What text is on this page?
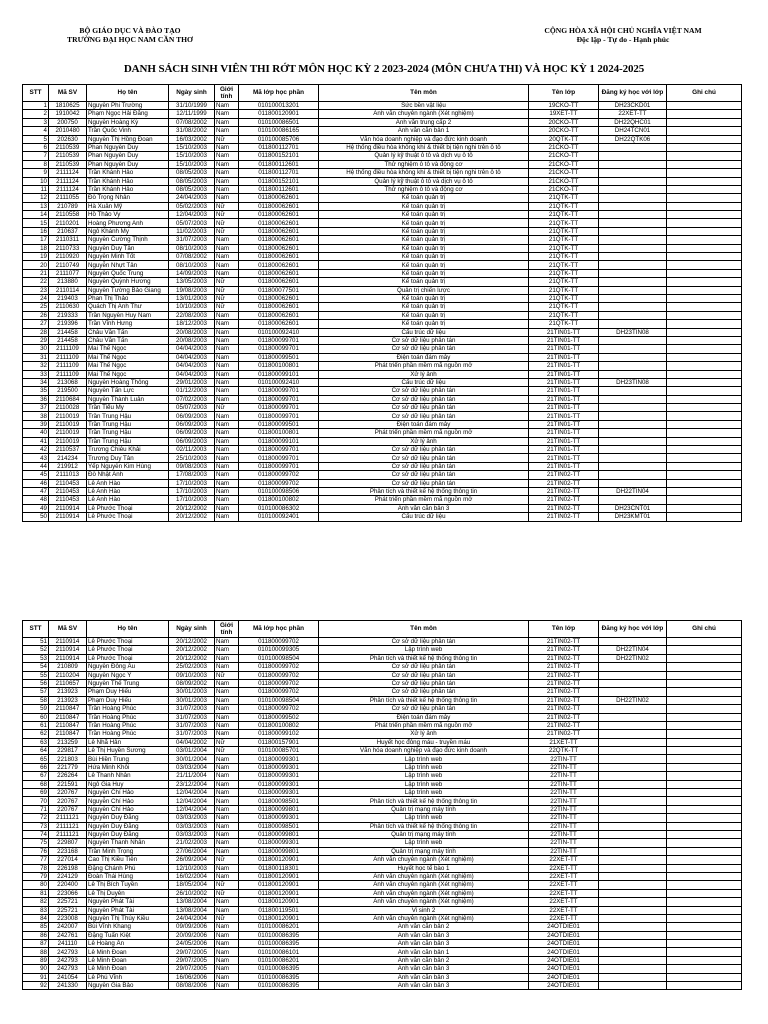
BỘ GIÁO DỤC VÀ ĐÀO TẠO
TRƯỜNG ĐẠI HỌC NAM CẦN THƠ
CỘNG HÒA XÃ HỘI CHỦ NGHĨA VIỆT NAM
Độc lập - Tự do - Hạnh phúc
DANH SÁCH SINH VIÊN THI RỚT MÔN HỌC KỲ 2 2023-2024 (MÔN CHƯA THI) VÀ HỌC KỲ 1 2024-2025
STT	Mã SV	Họ tên	Ngày sinh	Giới tính	Mã lớp học phần	Tên môn	Tên lớp	Đăng ký học với lớp	Ghi chú
1	1810625	Nguyễn Phi Trường	31/10/1999	Nam	010100013201	Sức bền vật liệu	19CKO-TT	DH23CKD01	
2	1910042	Phạm Ngọc Hải Đăng	12/11/1999	Nam	011800120901	Anh văn chuyên ngành (Xét nghiệm)	19XET-TT	22XET-TT	
3	200750	Nguyễn Hoàng Kỳ	07/08/2002	Nam	010100086501	Anh văn trung cấp 2	20CKO-TT	DH22QHC01	
4	2010480	Trần Quốc Vinh	31/08/2002	Nam	010100086165	Anh văn căn bản 1	20CKO-TT	DH24TCN01	
5	202630	Nguyễn Thị Hồng Đoan	16/03/2002	Nữ	010100085706	Văn hóa doanh nghiệp và đạo đức kinh doanh	20QTK-TT	DH22QTK06	
6	2110539	Phan Nguyễn Duy	15/10/2003	Nam	011800112701	Hệ thống điều hòa không khí & thiết bị tiện nghi trên ô tô	21CKO-TT		
7	2110539	Phan Nguyễn Duy	15/10/2003	Nam	011800152101	Quản lý kỹ thuật ô tô và dịch vụ ô tô	21CKO-TT		
8	2110539	Phan Nguyễn Duy	15/10/2003	Nam	011800112601	Thử nghiệm ô tô và động cơ	21CKO-TT		
9	2111124	Trần Khánh Hảo	08/05/2003	Nam	011800112701	Hệ thống điều hòa không khí & thiết bị tiện nghi trên ô tô	21CKO-TT		
10	2111124	Trần Khánh Hảo	08/05/2003	Nam	011800152101	Quản lý kỹ thuật ô tô và dịch vụ ô tô	21CKO-TT		
11	2111124	Trần Khánh Hảo	08/05/2003	Nam	011800112601	Thử nghiệm ô tô và động cơ	21CKO-TT		
12	2111055	Đỗ Trọng Nhân	24/04/2003	Nam	011800062601	Kế toán quản trị	21QTK-TT		
13	210789	Hà Xuân Mỹ	05/02/2003	Nữ	011800062601	Kế toán quản trị	21QTK-TT		
14	2110558	Hồ Thảo Vy	12/04/2003	Nữ	011800062601	Kế toán quản trị	21QTK-TT		
15	2110201	Hoàng Phương Anh	05/07/2003	Nữ	011800062601	Kế toán quản trị	21QTK-TT		
16	210637	Ngô Khánh My	11/02/2003	Nữ	011800062601	Kế toán quản trị	21QTK-TT		
17	2110311	Nguyễn Cường Thịnh	31/07/2003	Nam	011800062601	Kế toán quản trị	21QTK-TT		
18	2110733	Nguyễn Duy Tân	08/10/2003	Nam	011800062601	Kế toán quản trị	21QTK-TT		
19	2110920	Nguyễn Minh Tốt	07/08/2002	Nam	011800062601	Kế toán quản trị	21QTK-TT		
20	2110749	Nguyễn Nhựt Tân	08/10/2003	Nam	011800062601	Kế toán quản trị	21QTK-TT		
21	2111077	Nguyễn Quốc Trung	14/09/2003	Nam	011800062601	Kế toán quản trị	21QTK-TT		
22	213880	Nguyễn Quỳnh Hương	13/05/2003	Nữ	011800062601	Kế toán quản trị	21QTK-TT		
23	2110114	Nguyễn Tường Bảo Giang	19/08/2003	Nữ	011800077501	Quản trị chiến lược	21QTK-TT		
24	219403	Phan Thị Thảo	13/01/2003	Nữ	011800062601	Kế toán quản trị	21QTK-TT		
25	2110630	Quách Thị Anh Thư	10/10/2003	Nữ	011800062601	Kế toán quản trị	21QTK-TT		
26	219333	Trần Nguyễn Huy Nam	22/08/2003	Nam	011800062601	Kế toán quản trị	21QTK-TT		
27	219396	Trần Vĩnh Hưng	18/12/2003	Nam	011800062601	Kế toán quản trị	21QTK-TT		
28	214458	Châu Văn Tấn	20/08/2003	Nam	010100092410	Cấu trúc dữ liệu	21TIN01-TT	DH23TIN08	
29	214458	Châu Văn Tấn	20/08/2003	Nam	011800099701	Cơ sở dữ liệu phân tán	21TIN01-TT		
30	2111109	Mai Thế Ngọc	04/04/2003	Nam	011800099701	Cơ sở dữ liệu phân tán	21TIN01-TT		
31	2111109	Mai Thế Ngọc	04/04/2003	Nam	011800099501	Điện toán đám mây	21TIN01-TT		
32	2111109	Mai Thế Ngọc	04/04/2003	Nam	011800100801	Phát triển phần mềm mã nguồn mở	21TIN01-TT		
33	2111109	Mai Thế Ngọc	04/04/2003	Nam	011800099101	Xử lý ảnh	21TIN01-TT		
34	213068	Nguyễn Hoàng Thông	29/01/2003	Nam	010100092410	Cấu trúc dữ liệu	21TIN01-TT	DH23TIN08	
35	219500	Nguyễn Tấn Lực	01/12/2003	Nam	011800099701	Cơ sở dữ liệu phân tán	21TIN01-TT		
36	2110684	Nguyễn Thành Luân	07/02/2003	Nam	011800099701	Cơ sở dữ liệu phân tán	21TIN01-TT		
37	2110028	Trần Tiểu My	05/07/2003	Nữ	011800099701	Cơ sở dữ liệu phân tán	21TIN01-TT		
38	2110019	Trần Trung Hậu	06/09/2003	Nam	011800099701	Cơ sở dữ liệu phân tán	21TIN01-TT		
39	2110019	Trần Trung Hậu	06/09/2003	Nam	011800099501	Điện toán đám mây	21TIN01-TT		
40	2110019	Trần Trung Hậu	06/09/2003	Nam	011800100801	Phát triển phần mềm mã nguồn mở	21TIN01-TT		
41	2110019	Trần Trung Hậu	06/09/2003	Nam	011800099101	Xử lý ảnh	21TIN01-TT		
42	2110537	Trương Chiêu Khải	02/11/2003	Nam	011800099701	Cơ sở dữ liệu phân tán	21TIN01-TT		
43	214234	Trương Duy Tân	25/10/2003	Nam	011800099701	Cơ sở dữ liệu phân tán	21TIN01-TT		
44	219912	Yếp Nguyễn Kim Hùng	09/08/2003	Nam	011800099701	Cơ sở dữ liệu phân tán	21TIN01-TT		
45	2111013	Đỗ Nhật Anh	17/08/2003	Nam	011800099702	Cơ sở dữ liệu phân tán	21TIN02-TT		
46	2110453	Lê Anh Hào	17/10/2003	Nam	011800099702	Cơ sở dữ liệu phân tán	21TIN02-TT		
47	2110453	Lê Anh Hào	17/10/2003	Nam	010100098506	Phân tích và thiết kế hệ thống thông tin	21TIN02-TT	DH22TIN04	
48	2110453	Lê Anh Hào	17/10/2003	Nam	011800100802	Phát triển phần mềm mã nguồn mở	21TIN02-TT		
49	2110914	Lê Phước Thoại	20/12/2002	Nam	010100086302	Anh văn căn bản 3	21TIN02-TT	DH23CNT01	
50	2110914	Lê Phước Thoại	20/12/2002	Nam	010100092401	Cấu trúc dữ liệu	21TIN02-TT	DH23KMT01	
STT	Mã SV	Họ tên	Ngày sinh	Giới tính	Mã lớp học phần	Tên môn	Tên lớp	Đăng ký học với lớp	Ghi chú
51	2110914	Lê Phước Thoại	20/12/2002	Nam	011800099702	Cơ sở dữ liệu phân tán	21TIN02-TT		
52	2110914	Lê Phước Thoại	20/12/2002	Nam	010100099305	Lập trình web	21TIN02-TT	DH22TIN04	
53	2110914	Lê Phước Thoại	20/12/2002	Nam	010100098504	Phân tích và thiết kế hệ thống thông tin	21TIN02-TT	DH22TIN02	
54	210809	Nguyễn Đông Âu	25/02/2003	Nam	011800099702	Cơ sở dữ liệu phân tán	21TIN02-TT		
55	2110204	Nguyễn Ngọc Ý	09/10/2003	Nữ	011800099702	Cơ sở dữ liệu phân tán	21TIN02-TT		
56	2110657	Nguyễn Thế Trung	08/09/2002	Nam	011800099702	Cơ sở dữ liệu phân tán	21TIN02-TT		
57	213923	Phạm Duy Hiếu	30/01/2003	Nam	011800099702	Cơ sở dữ liệu phân tán	21TIN02-TT		
58	213923	Phạm Duy Hiếu	30/01/2003	Nam	010100098504	Phân tích và thiết kế hệ thống thông tin	21TIN02-TT	DH22TIN02	
59	2110847	Trần Hoàng Phúc	31/07/2003	Nam	011800099702	Cơ sở dữ liệu phân tán	21TIN02-TT		
60	2110847	Trần Hoàng Phúc	31/07/2003	Nam	011800099502	Điện toán đám mây	21TIN02-TT		
61	2110847	Trần Hoàng Phúc	31/07/2003	Nam	011800100802	Phát triển phần mềm mã nguồn mở	21TIN02-TT		
62	2110847	Trần Hoàng Phúc	31/07/2003	Nam	011800099102	Xử lý ảnh	21TIN02-TT		
63	213259	Lê Nhã Hân	04/04/2002	Nữ	011800157901	Huyết học đông máu - truyền máu	21XET-TT		
64	229817	Lê Thị Huyền Sương	03/01/2004	Nữ	010100085701	Văn hóa doanh nghiệp và đạo đức kinh doanh	22QTK-TT		
65	221803	Bùi Hiền Trung	30/01/2004	Nam	011800099301	Lập trình web	22TIN-TT		
66	221779	Hứa Minh Khôi	03/03/2004	Nam	011800099301	Lập trình web	22TIN-TT		
67	226264	Lê Thanh Nhân	21/11/2004	Nam	011800099301	Lập trình web	22TIN-TT		
68	221591	Ngô Gia Huy	23/12/2004	Nam	011800099301	Lập trình web	22TIN-TT		
69	220767	Nguyễn Chí Hảo	12/04/2004	Nam	011800099301	Lập trình web	22TIN-TT		
70	220767	Nguyễn Chí Hảo	12/04/2004	Nam	011800098501	Phân tích và thiết kế hệ thống thông tin	22TIN-TT		
71	220767	Nguyễn Chí Hảo	12/04/2004	Nam	011800099801	Quản trị mạng máy tính	22TIN-TT		
72	2111121	Nguyễn Duy Đăng	03/03/2003	Nam	011800099301	Lập trình web	22TIN-TT		
73	2111121	Nguyễn Duy Đăng	03/03/2003	Nam	011800098501	Phân tích và thiết kế hệ thống thông tin	22TIN-TT		
74	2111121	Nguyễn Duy Đăng	03/03/2003	Nam	011800099801	Quản trị mạng máy tính	22TIN-TT		
75	229807	Nguyễn Thanh Nhân	21/02/2003	Nam	011800099301	Lập trình web	22TIN-TT		
76	223168	Trần Minh Trọng	27/06/2004	Nam	011800099801	Quản trị mạng máy tính	22TIN-TT		
77	227014	Cao Thị Kiều Tiên	26/09/2004	Nữ	011800120901	Anh văn chuyên ngành (Xét nghiệm)	22XET-TT		
78	226198	Đặng Chánh Phú	12/10/2003	Nam	011800118301	Huyết học tế bào 1	22XET-TT		
79	224129	Đoàn Thái Hùng	16/02/2004	Nam	011800120901	Anh văn chuyên ngành (Xét nghiệm)	22XET-TT		
80	220400	Lê Thị Bích Tuyền	18/05/2004	Nữ	011800120901	Anh văn chuyên ngành (Xét nghiệm)	22XET-TT		
81	223066	Lê Thị Duyên	26/10/2002	Nữ	011800120901	Anh văn chuyên ngành (Xét nghiệm)	22XET-TT		
82	225721	Nguyễn Phát Tài	13/08/2004	Nam	011800120901	Anh văn chuyên ngành (Xét nghiệm)	22XET-TT		
83	225721	Nguyễn Phát Tài	13/08/2004	Nam	011800119501	Vi sinh 2	22XET-TT		
84	223008	Nguyễn Thị Thúy Kiều	24/04/2004	Nữ	011800120901	Anh văn chuyên ngành (Xét nghiệm)	22XET-TT		
85	242007	Bùi Vĩnh Khang	09/09/2006	Nam	010100086201	Anh văn căn bản 2	24OTDIE01		
86	242761	Đặng Tuấn Kiệt	20/09/2006	Nam	010100086395	Anh văn căn bản 3	24OTDIE01		
87	241110	Lê Hoàng Ân	24/05/2006	Nam	010100086395	Anh văn căn bản 3	24OTDIE01		
88	242793	Lê Minh Đoan	29/07/2005	Nam	010100086101	Anh văn căn bản 1	24OTDIE01		
89	242793	Lê Minh Đoan	29/07/2005	Nam	010100086201	Anh văn căn bản 2	24OTDIE01		
90	242793	Lê Minh Đoan	29/07/2005	Nam	010100086395	Anh văn căn bản 3	24OTDIE01		
91	241054	Lê Phú Vĩnh	16/06/2006	Nam	010100086395	Anh văn căn bản 3	24OTDIE01		
92	241330	Nguyễn Gia Bảo	08/08/2006	Nam	010100086395	Anh văn căn bản 3	24OTDIE01		
